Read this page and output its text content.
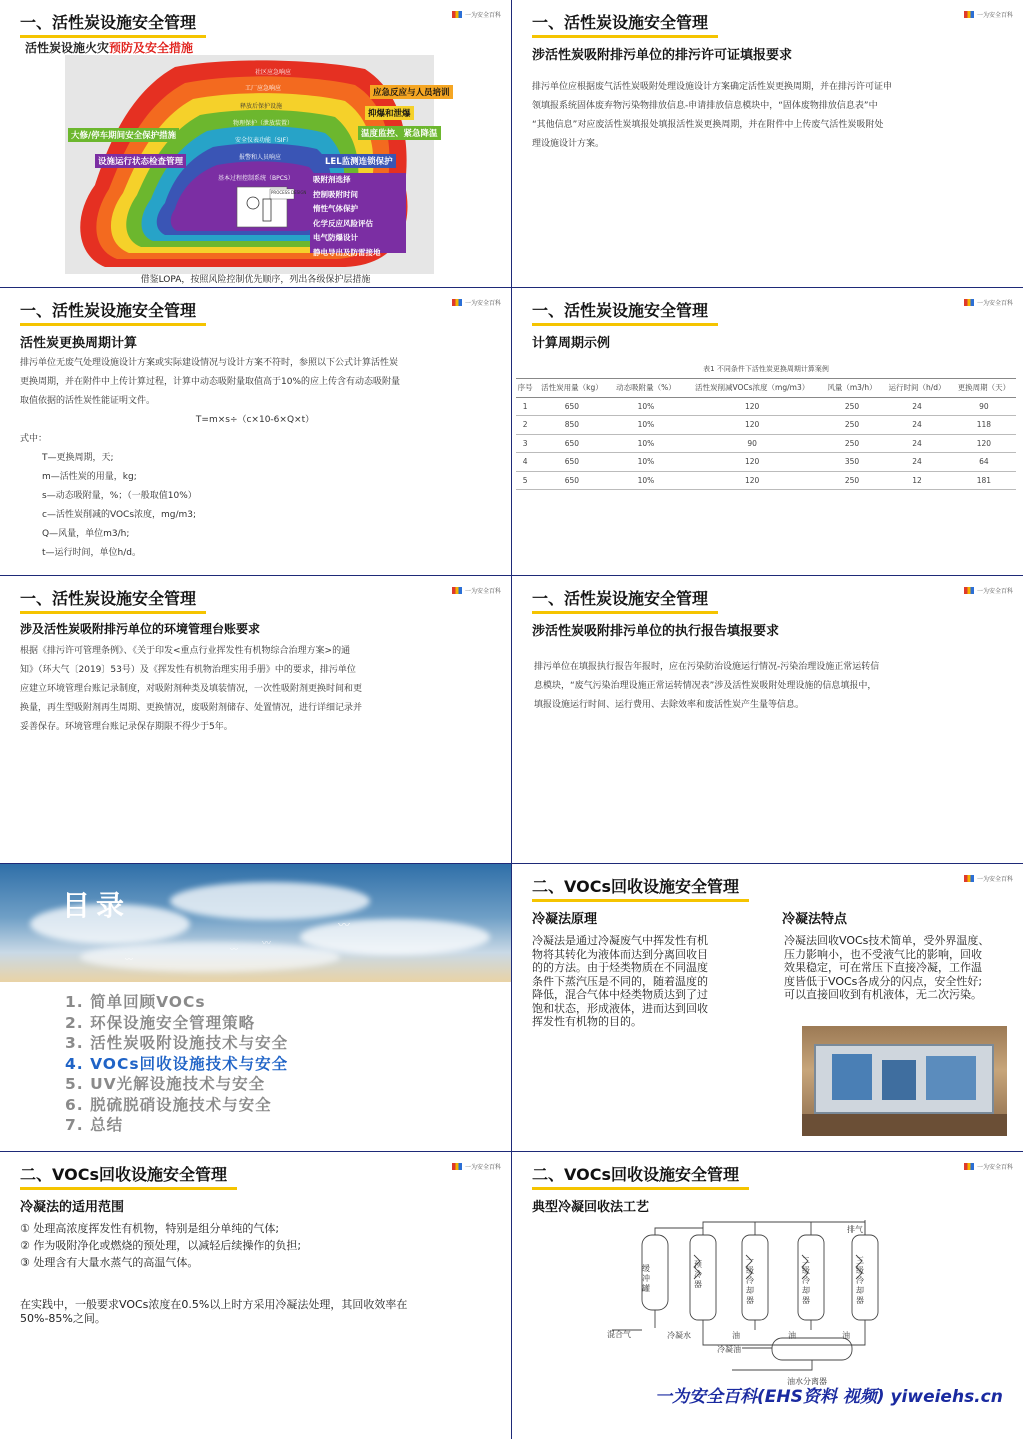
一、活性炭设施安全管理	一为安全百科
活性炭设施火灾预防及安全措施
社区应急响应
工厂应急响应
释放后保护设施
物理保护（泄放装置）
安全仪表功能（SIF）
报警和人员响应
基本过程控制系统（BPCS）
PROCESS DESIGN
吸附剂选择
控制吸附时间
惰性气体保护
化学反应风险评估
电气防爆设计
静电导出及防雷接地
应急反应与人员培训
抑爆和泄爆
温度监控、紧急降温
大修/停车期间安全保护措施
设施运行状态检查管理	LEL监测连锁保护
借鉴LOPA，按照风险控制优先顺序，列出各级保护层措施
一、活性炭设施安全管理	一为安全百科
涉活性炭吸附排污单位的排污许可证填报要求
排污单位应根据废气活性炭吸附处理设施设计方案确定活性炭更换周期，并在排污许可证申
领填报系统固体废弃物污染物排放信息-申请排放信息模块中，“固体废物排放信息表”中
“其他信息”对应废活性炭填报处填报活性炭更换周期，并在附件中上传废气活性炭吸附处
理设施设计方案。
一、活性炭设施安全管理	一为安全百科
活性炭更换周期计算
排污单位无废气处理设施设计方案或实际建设情况与设计方案不符时，参照以下公式计算活性炭
更换周期，并在附件中上传计算过程，计算中动态吸附量取值高于10%的应上传含有动态吸附量
取值依据的活性炭性能证明文件。
T=m×s÷（c×10-6×Q×t）
式中：
T—更换周期，天;
m—活性炭的用量，kg;
s—动态吸附量，%；（一般取值10%）
c—活性炭削减的VOCs浓度，mg/m3;
Q—风量，单位m3/h;
t—运行时间，单位h/d。
一、活性炭设施安全管理	一为安全百科
计算周期示例
表1 不同条件下活性炭更换周期计算案例
序号	活性炭用量（kg）	动态吸附量（%）	活性炭削减VOCs浓度（mg/m3）	风量（m3/h）	运行时间（h/d）	更换周期（天）
1	650	10%	120	250	24	90
2	850	10%	120	250	24	118
3	650	10%	90	250	24	120
4	650	10%	120	350	24	64
5	650	10%	120	250	12	181
一、活性炭设施安全管理	一为安全百科
涉及活性炭吸附排污单位的环境管理台账要求
根据《排污许可管理条例》、《关于印发<重点行业挥发性有机物综合治理方案>的通
知》（环大气〔2019〕53号）及《挥发性有机物治理实用手册》中的要求，排污单位
应建立环境管理台账记录制度，对吸附剂种类及填装情况，一次性吸附剂更换时间和更
换量，再生型吸附剂再生周期、更换情况，废吸附剂储存、处置情况，进行详细记录并
妥善保存。环境管理台账记录保存期限不得少于5年。
一、活性炭设施安全管理	一为安全百科
涉活性炭吸附排污单位的执行报告填报要求
排污单位在填报执行报告年报时，应在污染防治设施运行情况-污染治理设施正常运转信
息模块，“废气污染治理设施正常运转情况表”涉及活性炭吸附处理设施的信息填报中，
填报设施运行时间、运行费用、去除效率和废活性炭产生量等信息。
〰
〰
〰
〰
目录
1. 简单回顾VOCs
2. 环保设施安全管理策略
3. 活性炭吸附设施技术与安全
4. VOCs回收设施技术与安全
5. UV光解设施技术与安全
6. 脱硫脱硝设施技术与安全
7. 总结
二、VOCs回收设施安全管理	一为安全百科
冷凝法原理
冷凝法是通过冷凝废气中挥发性有机
物将其转化为液体而达到分离回收目
的的方法。由于烃类物质在不同温度
条件下蒸汽压是不同的，随着温度的
降低，混合气体中烃类物质达到了过
饱和状态，形成液体，进而达到回收
挥发性有机物的目的。
冷凝法特点
冷凝法回收VOCs技术简单，受外界温度、
压力影响小，也不受液气比的影响，回收
效果稳定，可在常压下直接冷凝，工作温
度皆低于VOCs各成分的闪点，安全性好;
可以直接回收到有机液体，无二次污染。
二、VOCs回收设施安全管理	一为安全百科
冷凝法的适用范围
① 处理高浓度挥发性有机物，特别是组分单纯的气体;
② 作为吸附净化或燃烧的预处理，以减轻后续操作的负担;
③ 处理含有大量水蒸气的高温气体。
在实践中，一般要求VOCs浓度在0.5%以上时方采用冷凝法处理，其回收效率在
50%-85%之间。
二、VOCs回收设施安全管理	一为安全百科
典型冷凝回收法工艺
混合气
缓冲罐
预冷器
一级冷却器
二级冷却器
三级冷却器
排气
冷凝水	油	油	油
冷凝油
油水分离器
一为安全百科(EHS资料 视频) yiweiehs.cn
